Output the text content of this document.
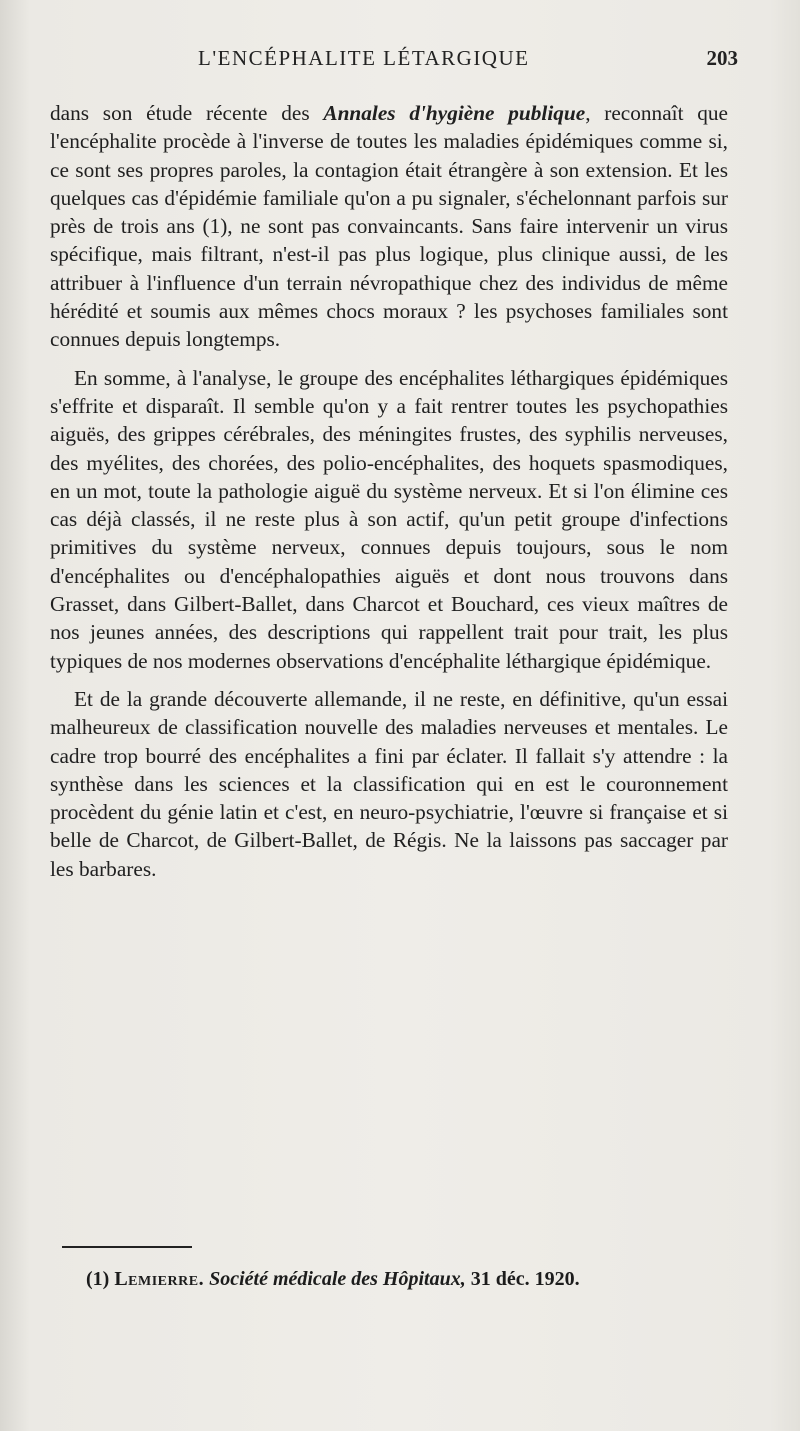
L'ENCÉPHALITE LÉTARGIQUE	203

dans son étude récente des Annales d'hygiène publique, reconnaît que l'encéphalite procède à l'inverse de toutes les maladies épidémiques comme si, ce sont ses propres paroles, la contagion était étrangère à son extension. Et les quelques cas d'épidémie familiale qu'on a pu signaler, s'échelonnant parfois sur près de trois ans (1), ne sont pas convaincants. Sans faire intervenir un virus spécifique, mais filtrant, n'est-il pas plus logique, plus clinique aussi, de les attribuer à l'influence d'un terrain névropathique chez des individus de même hérédité et soumis aux mêmes chocs moraux ? les psychoses familiales sont connues depuis longtemps.

En somme, à l'analyse, le groupe des encéphalites léthargiques épidémiques s'effrite et disparaît. Il semble qu'on y a fait rentrer toutes les psychopathies aiguës, des grippes cérébrales, des méningites frustes, des syphilis nerveuses, des myélites, des chorées, des polio-encéphalites, des hoquets spasmodiques, en un mot, toute la pathologie aiguë du système nerveux. Et si l'on élimine ces cas déjà classés, il ne reste plus à son actif, qu'un petit groupe d'infections primitives du système nerveux, connues depuis toujours, sous le nom d'encéphalites ou d'encéphalopathies aiguës et dont nous trouvons dans Grasset, dans Gilbert-Ballet, dans Charcot et Bouchard, ces vieux maîtres de nos jeunes années, des descriptions qui rappellent trait pour trait, les plus typiques de nos modernes observations d'encéphalite léthargique épidémique.

Et de la grande découverte allemande, il ne reste, en définitive, qu'un essai malheureux de classification nouvelle des maladies nerveuses et mentales. Le cadre trop bourré des encéphalites a fini par éclater. Il fallait s'y attendre : la synthèse dans les sciences et la classification qui en est le couronnement procèdent du génie latin et c'est, en neuro-psychiatrie, l'œuvre si française et si belle de Charcot, de Gilbert-Ballet, de Régis. Ne la laissons pas saccager par les barbares.

(1) Lemierre. Société médicale des Hôpitaux, 31 déc. 1920.
